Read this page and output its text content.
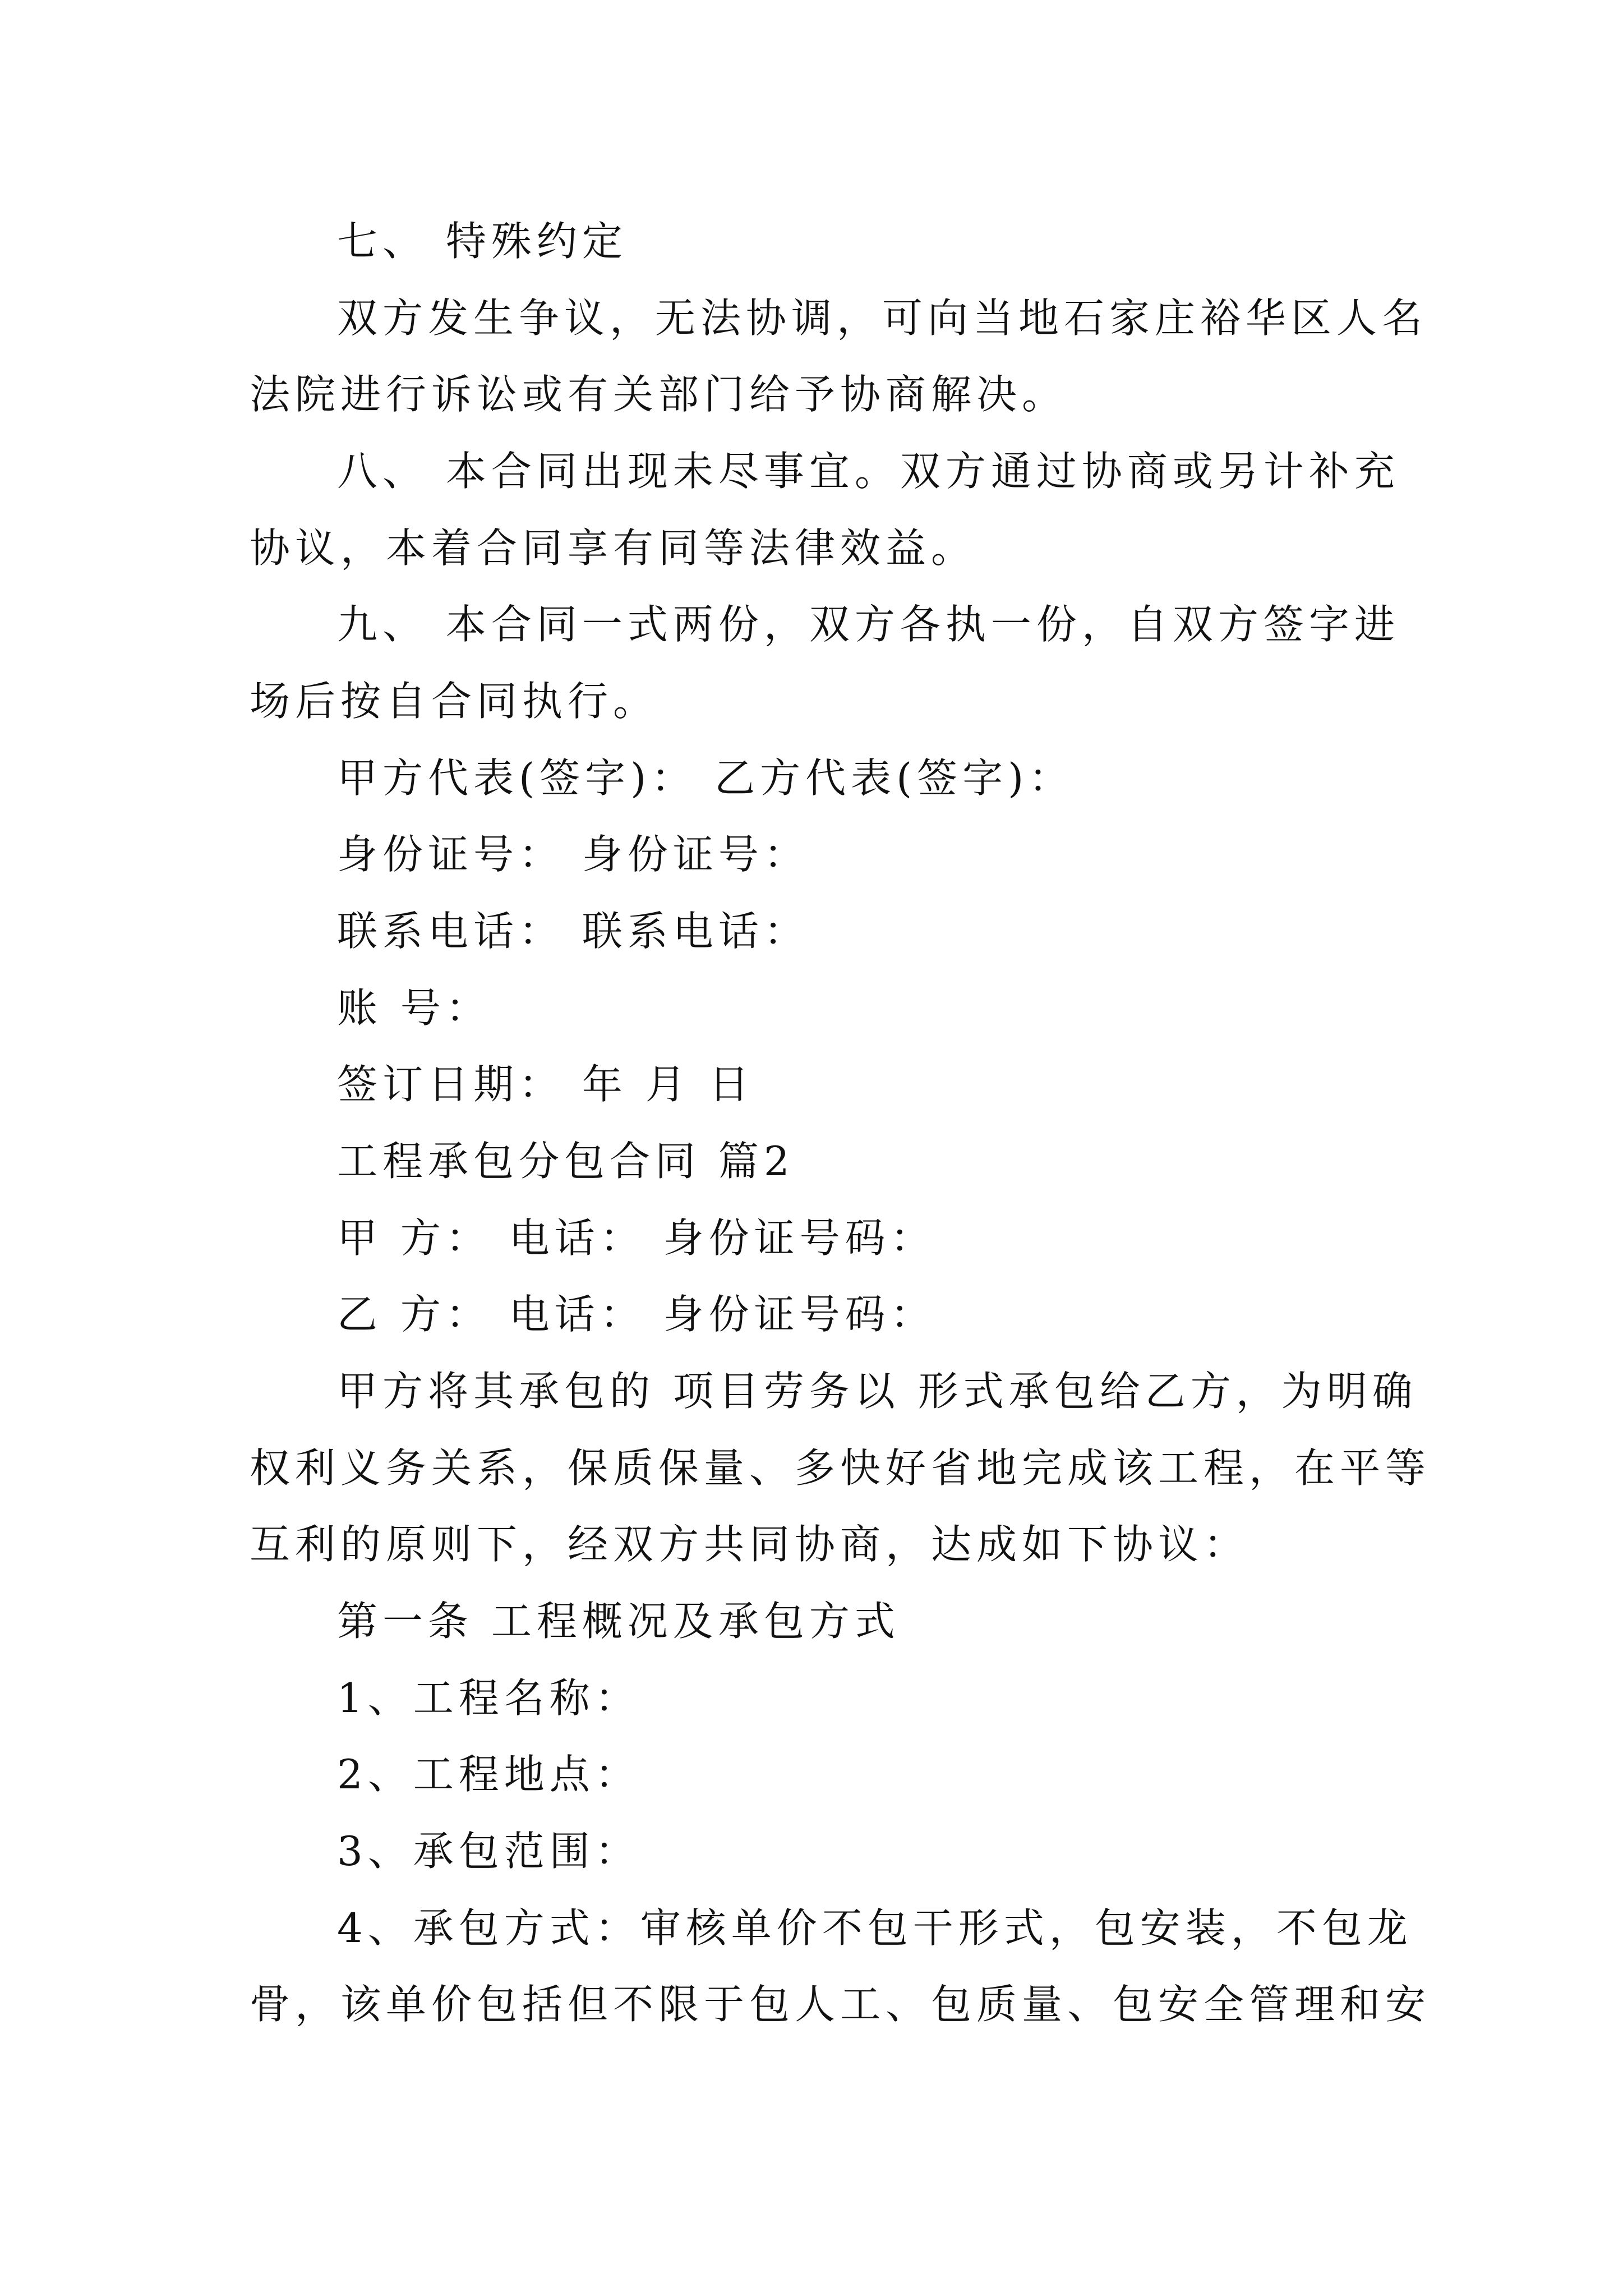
七、 特殊约定
双方发生争议，无法协调，可向当地石家庄裕华区人名
法院进行诉讼或有关部门给予协商解决。
八、 本合同出现未尽事宜。双方通过协商或另计补充
协议，本着合同享有同等法律效益。
九、 本合同一式两份，双方各执一份，自双方签字进
场后按自合同执行。
甲方代表(签字)： 乙方代表(签字)：
身份证号： 身份证号：
联系电话： 联系电话：
账 号：
签订日期： 年 月 日
工程承包分包合同 篇2
甲 方： 电话： 身份证号码：
乙 方： 电话： 身份证号码：
甲方将其承包的 项目劳务以 形式承包给乙方，为明确
权利义务关系，保质保量、多快好省地完成该工程，在平等
互利的原则下，经双方共同协商，达成如下协议：
第一条 工程概况及承包方式
1、工程名称：
2、工程地点：
3、承包范围：
4、承包方式：审核单价不包干形式，包安装，不包龙
骨，该单价包括但不限于包人工、包质量、包安全管理和安
